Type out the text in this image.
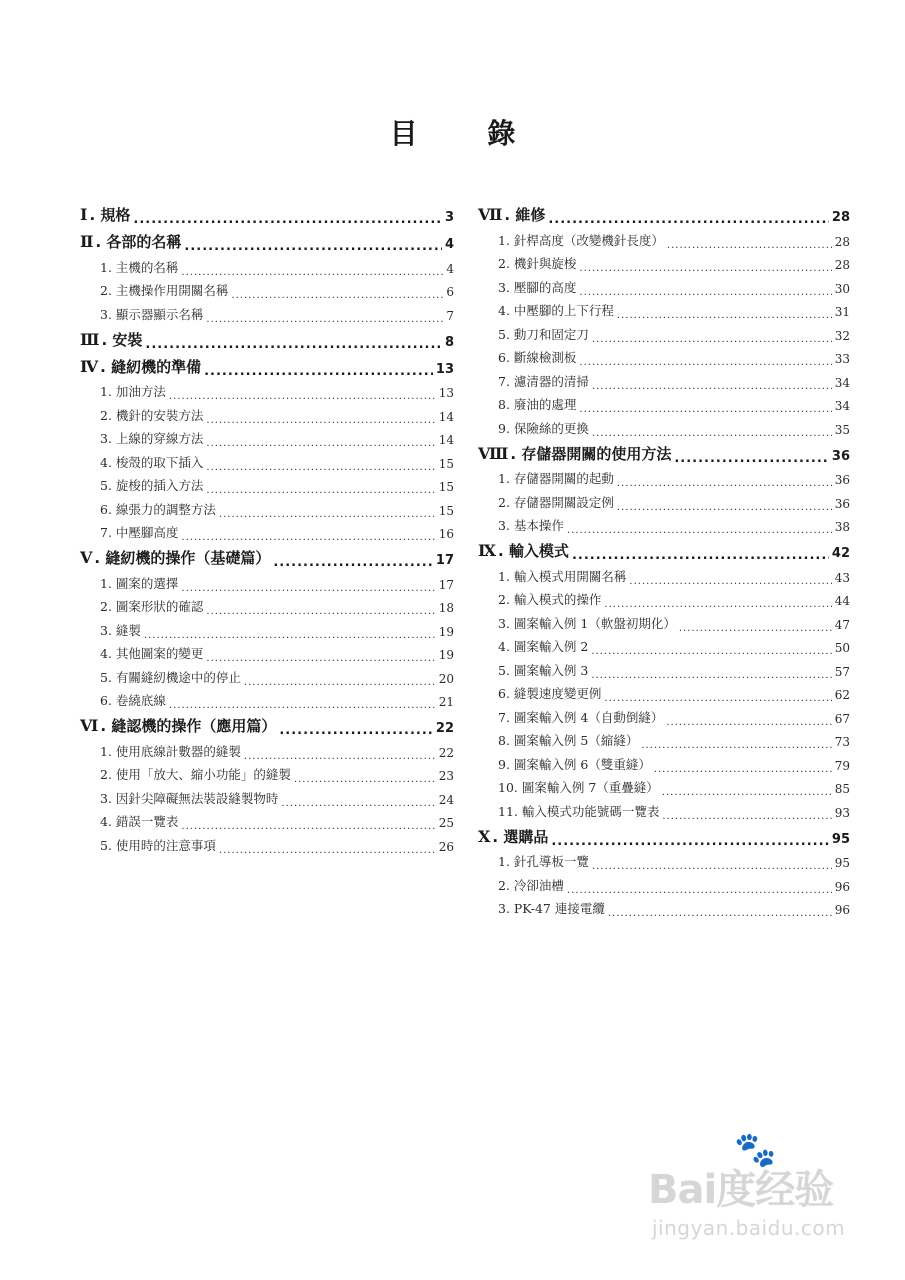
目 錄
Ⅰ . 規格 .....	3
Ⅱ . 各部的名稱 .....	4
1. 主機的名稱 .....	4
2. 主機操作用開關名稱 .....	6
3. 顯示器顯示名稱 .....	7
Ⅲ . 安裝 .....	8
Ⅳ . 縫紉機的準備 .....	13
1. 加油方法 .....	13
2. 機針的安裝方法 .....	14
3. 上線的穿線方法 .....	14
4. 梭殼的取下插入 .....	15
5. 旋梭的插入方法 .....	15
6. 線張力的調整方法 .....	15
7. 中壓腳高度 .....	16
Ⅴ . 縫紉機的操作（基礎篇） .....	17
1. 圖案的選擇 .....	17
2. 圖案形狀的確認 .....	18
3. 縫製 .....	19
4. 其他圖案的變更 .....	19
5. 有關縫紉機途中的停止 .....	20
6. 卷繞底線 .....	21
Ⅵ . 縫認機的操作（應用篇） .....	22
1. 使用底線計數器的縫製 .....	22
2. 使用「放大、縮小功能」的縫製 .....	23
3. 因針尖障礙無法裝設縫製物時 .....	24
4. 錯誤一覽表 .....	25
5. 使用時的注意事項 .....	26
Ⅶ . 維修 .....	28
1. 針桿高度（改變機針長度） .....	28
2. 機針與旋梭 .....	28
3. 壓腳的高度 .....	30
4. 中壓腳的上下行程 .....	31
5. 動刀和固定刀 .....	32
6. 斷線檢測板 .....	33
7. 濾清器的清掃 .....	34
8. 廢油的處理 .....	34
9. 保險絲的更換 .....	35
Ⅷ . 存儲器開關的使用方法 .....	36
1. 存儲器開關的起動 .....	36
2. 存儲器開關設定例 .....	36
3. 基本操作 .....	38
Ⅸ . 輸入模式 .....	42
1. 輸入模式用開關名稱 .....	43
2. 輸入模式的操作 .....	44
3. 圖案輸入例 1（軟盤初期化） .....	47
4. 圖案輸入例 2 .....	50
5. 圖案輸入例 3 .....	57
6. 縫製速度變更例 .....	62
7. 圖案輸入例 4（自動倒縫） .....	67
8. 圖案輸入例 5（縮縫） .....	73
9. 圖案輸入例 6（雙重縫） .....	79
10. 圖案輸入例 7（重疊縫） .....	85
11. 輸入模式功能號碼一覽表 .....	93
Ⅹ . 選購品 .....	95
1. 針孔導板一覽 .....	95
2. 冷卻油槽 .....	96
3. PK-47 連接電纜 .....	96
🐾
Bai度经验
jingyan.baidu.com
